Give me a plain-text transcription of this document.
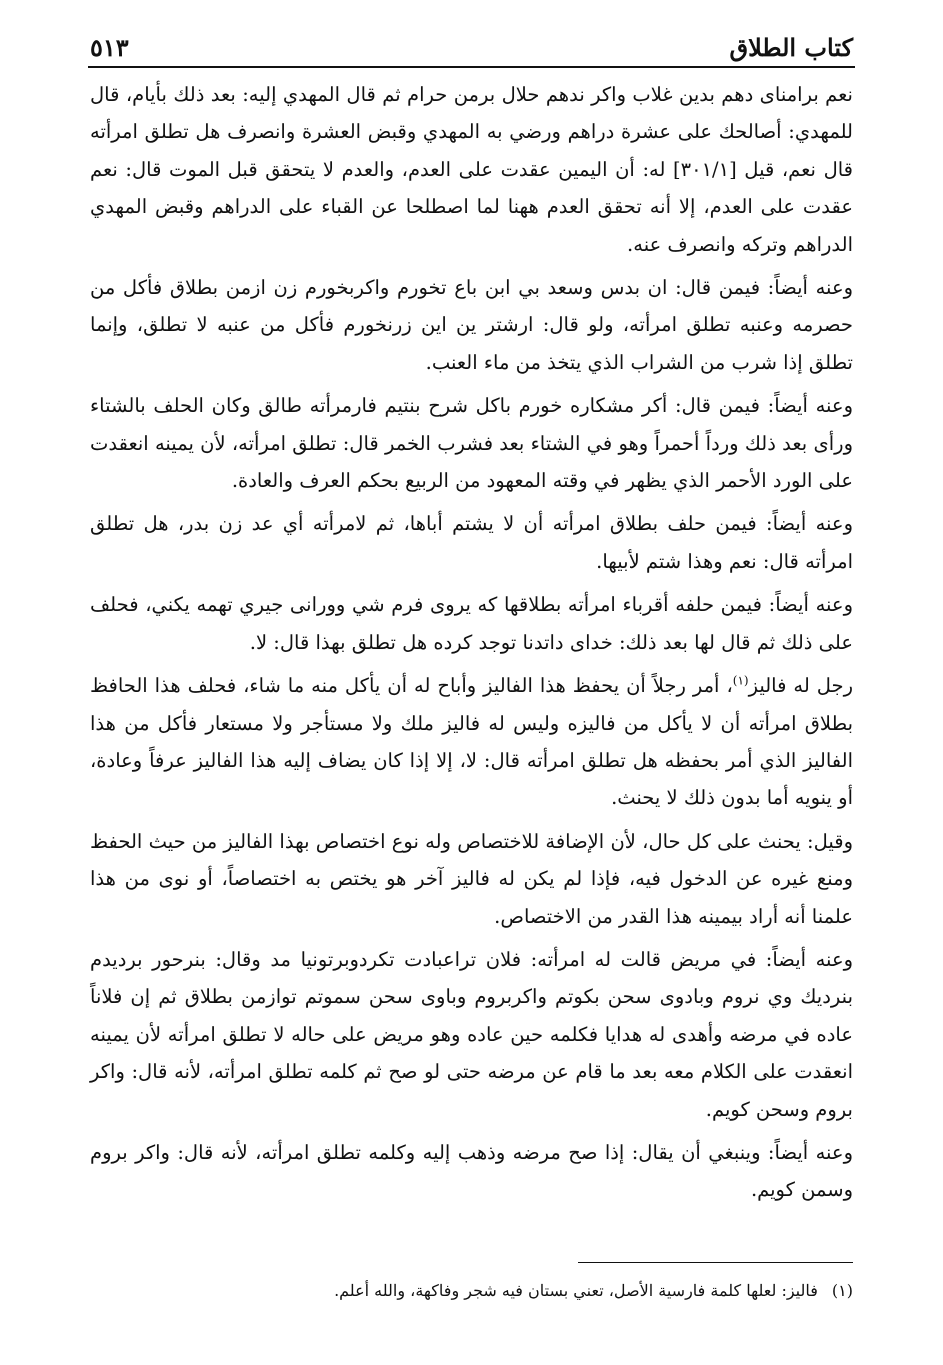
كتاب الطلاق
٥١٣

نعم برامناى دهم بدين غلاب واكر ندهم حلال برمن حرام ثم قال المهدي إليه: بعد ذلك بأيام، قال للمهدي: أصالحك على عشرة دراهم ورضي به المهدي وقبض العشرة وانصرف هل تطلق امرأته قال نعم، قيل [٣٠١/١] له: أن اليمين عقدت على العدم، والعدم لا يتحقق قبل الموت قال: نعم عقدت على العدم، إلا أنه تحقق العدم ههنا لما اصطلحا عن القباء على الدراهم وقبض المهدي الدراهم وتركه وانصرف عنه.

وعنه أيضاً: فيمن قال: ان بدس وسعد بي ابن باع تخورم واكربخورم زن ازمن بطلاق فأكل من حصرمه وعنبه تطلق امرأته، ولو قال: ارشتر ين اين زرنخورم فأكل من عنبه لا تطلق، وإنما تطلق إذا شرب من الشراب الذي يتخذ من ماء العنب.

وعنه أيضاً: فيمن قال: أكر مشكاره خورم باكل شرح بنتيم فارمرأته طالق وكان الحلف بالشتاء ورأى بعد ذلك ورداً أحمراً وهو في الشتاء بعد فشرب الخمر قال: تطلق امرأته، لأن يمينه انعقدت على الورد الأحمر الذي يظهر في وقته المعهود من الربيع بحكم العرف والعادة.

وعنه أيضاً: فيمن حلف بطلاق امرأته أن لا يشتم أباها، ثم لامرأته أي عد زن بدر، هل تطلق امرأته قال: نعم وهذا شتم لأبيها.

وعنه أيضاً: فيمن حلفه أقرباء امرأته بطلاقها كه يروى فرم شي وورانى جيري تهمه يكني، فحلف على ذلك ثم قال لها بعد ذلك: خداى داتدنا توجد كرده هل تطلق بهذا قال: لا.

رجل له فاليز$^{(١)}$، أمر رجلاً أن يحفظ هذا الفاليز وأباح له أن يأكل منه ما شاء، فحلف هذا الحافظ بطلاق امرأته أن لا يأكل من فاليزه وليس له فاليز ملك ولا مستأجر ولا مستعار فأكل من هذا الفاليز الذي أمر بحفظه هل تطلق امرأته قال: لا، إلا إذا كان يضاف إليه هذا الفاليز عرفاً وعادة، أو ينويه أما بدون ذلك لا يحنث.

وقيل: يحنث على كل حال، لأن الإضافة للاختصاص وله نوع اختصاص بهذا الفاليز من حيث الحفظ ومنع غيره عن الدخول فيه، فإذا لم يكن له فاليز آخر هو يختص به اختصاصاً، أو نوى من هذا علمنا أنه أراد بيمينه هذا القدر من الاختصاص.

وعنه أيضاً: في مريض قالت له امرأته: فلان تراعبادت تكردوبرتونيا مد وقال: بنرحور برديدم بنرديك وي نروم وبادوى سحن بكوتم واكربروم وباوى سحن سموتم توازمن بطلاق ثم إن فلاناً عاده في مرضه وأهدى له هدايا فكلمه حين عاده وهو مريض على حاله لا تطلق امرأته لأن يمينه انعقدت على الكلام معه بعد ما قام عن مرضه حتى لو صح ثم كلمه تطلق امرأته، لأنه قال: واكر بروم وسحن كويم.

وعنه أيضاً: وينبغي أن يقال: إذا صح مرضه وذهب إليه وكلمه تطلق امرأته، لأنه قال: واكر بروم وسمن كويم.

(١)فاليز: لعلها كلمة فارسية الأصل، تعني بستان فيه شجر وفاكهة، والله أعلم.
